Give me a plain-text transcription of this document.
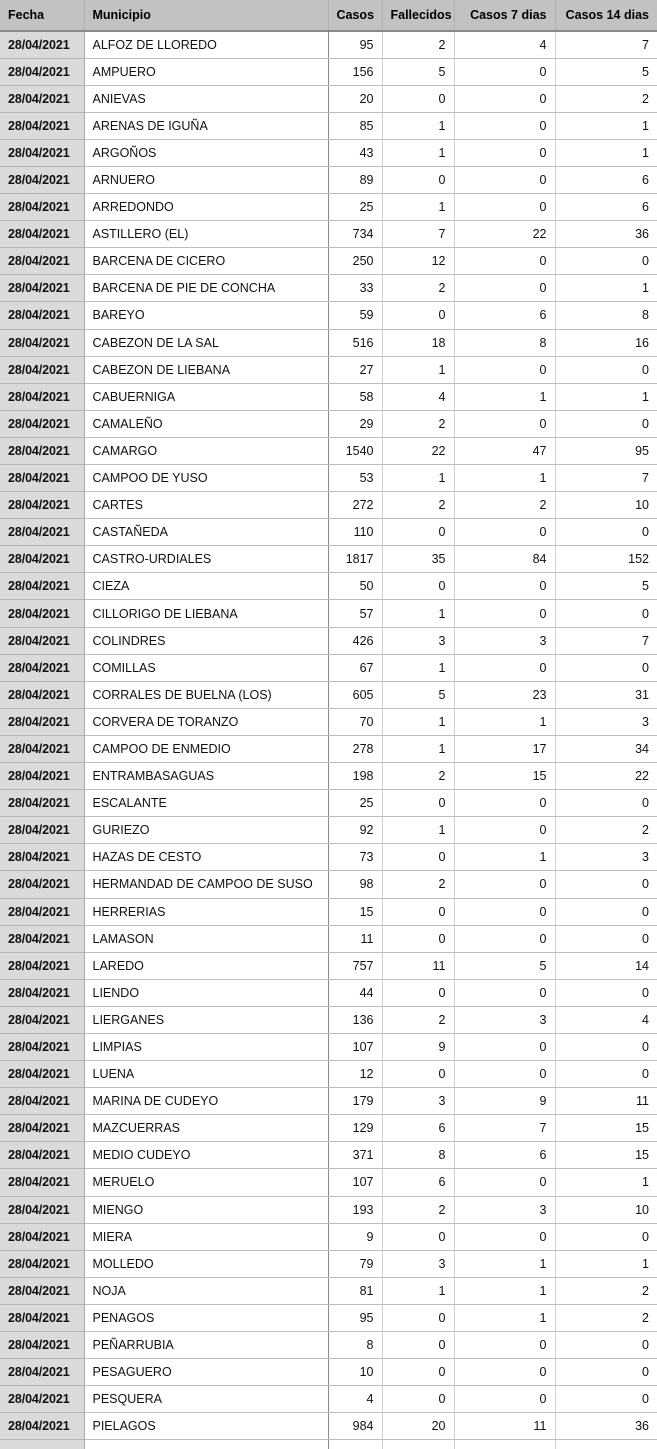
Fecha	Municipio	Casos	Fallecidos	Casos 7 dias	Casos 14 dias
28/04/2021	ALFOZ DE LLOREDO	95	2	4	7
28/04/2021	AMPUERO	156	5	0	5
28/04/2021	ANIEVAS	20	0	0	2
28/04/2021	ARENAS DE IGUÑA	85	1	0	1
28/04/2021	ARGOÑOS	43	1	0	1
28/04/2021	ARNUERO	89	0	0	6
28/04/2021	ARREDONDO	25	1	0	6
28/04/2021	ASTILLERO (EL)	734	7	22	36
28/04/2021	BARCENA DE CICERO	250	12	0	0
28/04/2021	BARCENA DE PIE DE CONCHA	33	2	0	1
28/04/2021	BAREYO	59	0	6	8
28/04/2021	CABEZON DE LA SAL	516	18	8	16
28/04/2021	CABEZON DE LIEBANA	27	1	0	0
28/04/2021	CABUERNIGA	58	4	1	1
28/04/2021	CAMALEÑO	29	2	0	0
28/04/2021	CAMARGO	1540	22	47	95
28/04/2021	CAMPOO DE YUSO	53	1	1	7
28/04/2021	CARTES	272	2	2	10
28/04/2021	CASTAÑEDA	110	0	0	0
28/04/2021	CASTRO-URDIALES	1817	35	84	152
28/04/2021	CIEZA	50	0	0	5
28/04/2021	CILLORIGO DE LIEBANA	57	1	0	0
28/04/2021	COLINDRES	426	3	3	7
28/04/2021	COMILLAS	67	1	0	0
28/04/2021	CORRALES DE BUELNA (LOS)	605	5	23	31
28/04/2021	CORVERA DE TORANZO	70	1	1	3
28/04/2021	CAMPOO DE ENMEDIO	278	1	17	34
28/04/2021	ENTRAMBASAGUAS	198	2	15	22
28/04/2021	ESCALANTE	25	0	0	0
28/04/2021	GURIEZO	92	1	0	2
28/04/2021	HAZAS DE CESTO	73	0	1	3
28/04/2021	HERMANDAD DE CAMPOO DE SUSO	98	2	0	0
28/04/2021	HERRERIAS	15	0	0	0
28/04/2021	LAMASON	11	0	0	0
28/04/2021	LAREDO	757	11	5	14
28/04/2021	LIENDO	44	0	0	0
28/04/2021	LIERGANES	136	2	3	4
28/04/2021	LIMPIAS	107	9	0	0
28/04/2021	LUENA	12	0	0	0
28/04/2021	MARINA DE CUDEYO	179	3	9	11
28/04/2021	MAZCUERRAS	129	6	7	15
28/04/2021	MEDIO CUDEYO	371	8	6	15
28/04/2021	MERUELO	107	6	0	1
28/04/2021	MIENGO	193	2	3	10
28/04/2021	MIERA	9	0	0	0
28/04/2021	MOLLEDO	79	3	1	1
28/04/2021	NOJA	81	1	1	2
28/04/2021	PENAGOS	95	0	1	2
28/04/2021	PEÑARRUBIA	8	0	0	0
28/04/2021	PESAGUERO	10	0	0	0
28/04/2021	PESQUERA	4	0	0	0
28/04/2021	PIELAGOS	984	20	11	36
